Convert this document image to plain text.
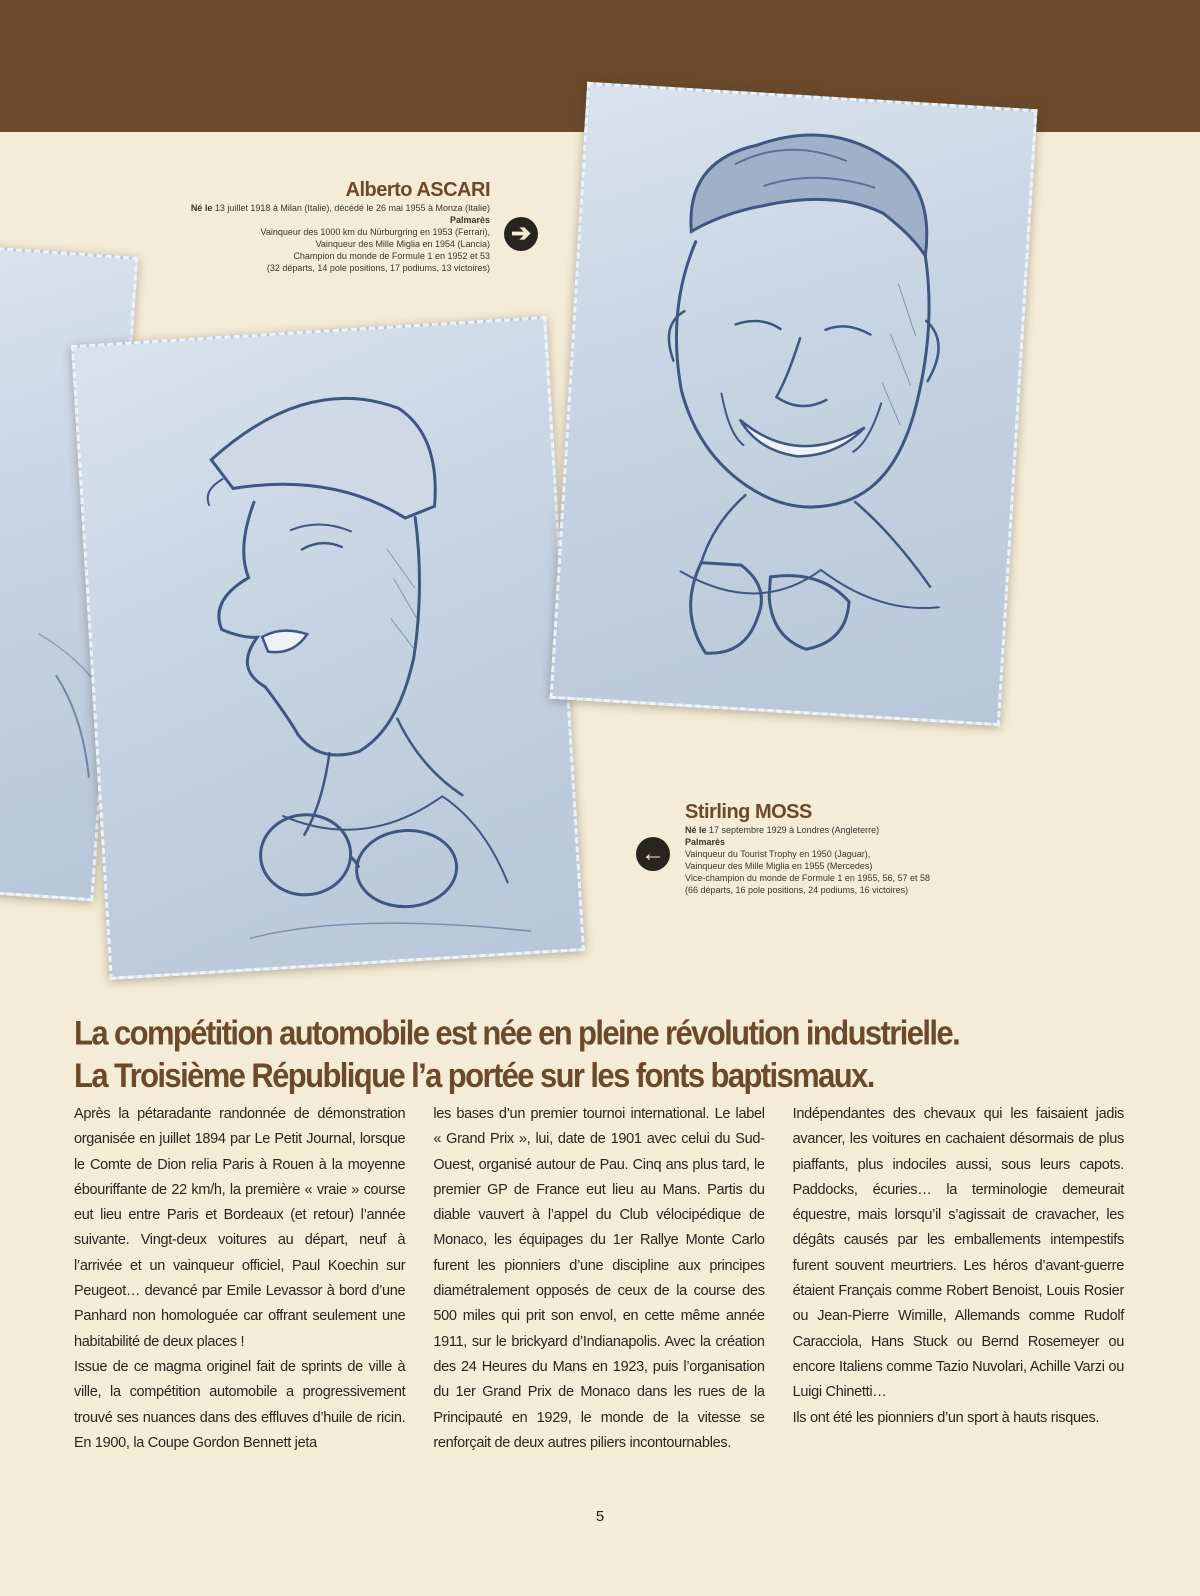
Alberto ASCARI
Né le 13 juillet 1918 à Milan (Italie), décédé le 26 mai 1955 à Monza (Italie)
Palmarès
Vainqueur des 1000 km du Nürburgring en 1953 (Ferrari),
Vainqueur des Mille Miglia en 1954 (Lancia)
Champion du monde de Formule 1 en 1952 et 53
(32 départs, 14 pole positions, 17 podiums, 13 victoires)
➔
Stirling MOSS
Né le 17 septembre 1929 à Londres (Angleterre)
Palmarès
Vainqueur du Tourist Trophy en 1950 (Jaguar),
Vainqueur des Mille Miglia en 1955 (Mercedes)
Vice-champion du monde de Formule 1 en 1955, 56, 57 et 58
(66 départs, 16 pole positions, 24 podiums, 16 victoires)
←
La compétition automobile est née en pleine révolution industrielle.
La Troisième République l’a portée sur les fonts baptismaux.

Après la pétaradante randonnée de démonstration organisée en juillet 1894 par Le Petit Journal, lorsque le Comte de Dion relia Paris à Rouen à la moyenne ébouriffante de 22 km/h, la première « vraie » course eut lieu entre Paris et Bordeaux (et retour) l’année suivante. Vingt-deux voitures au départ, neuf à l’arrivée et un vainqueur officiel, Paul Koechin sur Peugeot… devancé par Emile Levassor à bord d’une Panhard non homologuée car offrant seulement une habitabilité de deux places !

Issue de ce magma originel fait de sprints de ville à ville, la compétition automobile a progressivement trouvé ses nuances dans des effluves d’huile de ricin. En 1900, la Coupe Gordon Bennett jeta

les bases d’un premier tournoi international. Le label « Grand Prix », lui, date de 1901 avec celui du Sud-Ouest, organisé autour de Pau. Cinq ans plus tard, le premier GP de France eut lieu au Mans. Partis du diable vauvert à l’appel du Club vélocipédique de Monaco, les équipages du 1er Rallye Monte Carlo furent les pionniers d’une discipline aux principes diamétralement opposés de ceux de la course des 500 miles qui prit son envol, en cette même année 1911, sur le brickyard d’Indianapolis. Avec la création des 24 Heures du Mans en 1923, puis l’organisation du 1er Grand Prix de Monaco dans les rues de la Principauté en 1929, le monde de la vitesse se renforçait de deux autres piliers incontournables.

Indépendantes des chevaux qui les faisaient jadis avancer, les voitures en cachaient désormais de plus piaffants, plus indociles aussi, sous leurs capots. Paddocks, écuries… la terminologie demeurait équestre, mais lorsqu’il s’agissait de cravacher, les dégâts causés par les emballements intempestifs furent souvent meurtriers. Les héros d’avant-guerre étaient Français comme Robert Benoist, Louis Rosier ou Jean-Pierre Wimille, Allemands comme Rudolf Caracciola, Hans Stuck ou Bernd Rosemeyer ou encore Italiens comme Tazio Nuvolari, Achille Varzi ou Luigi Chinetti…

Ils ont été les pionniers d’un sport à hauts risques.

5
